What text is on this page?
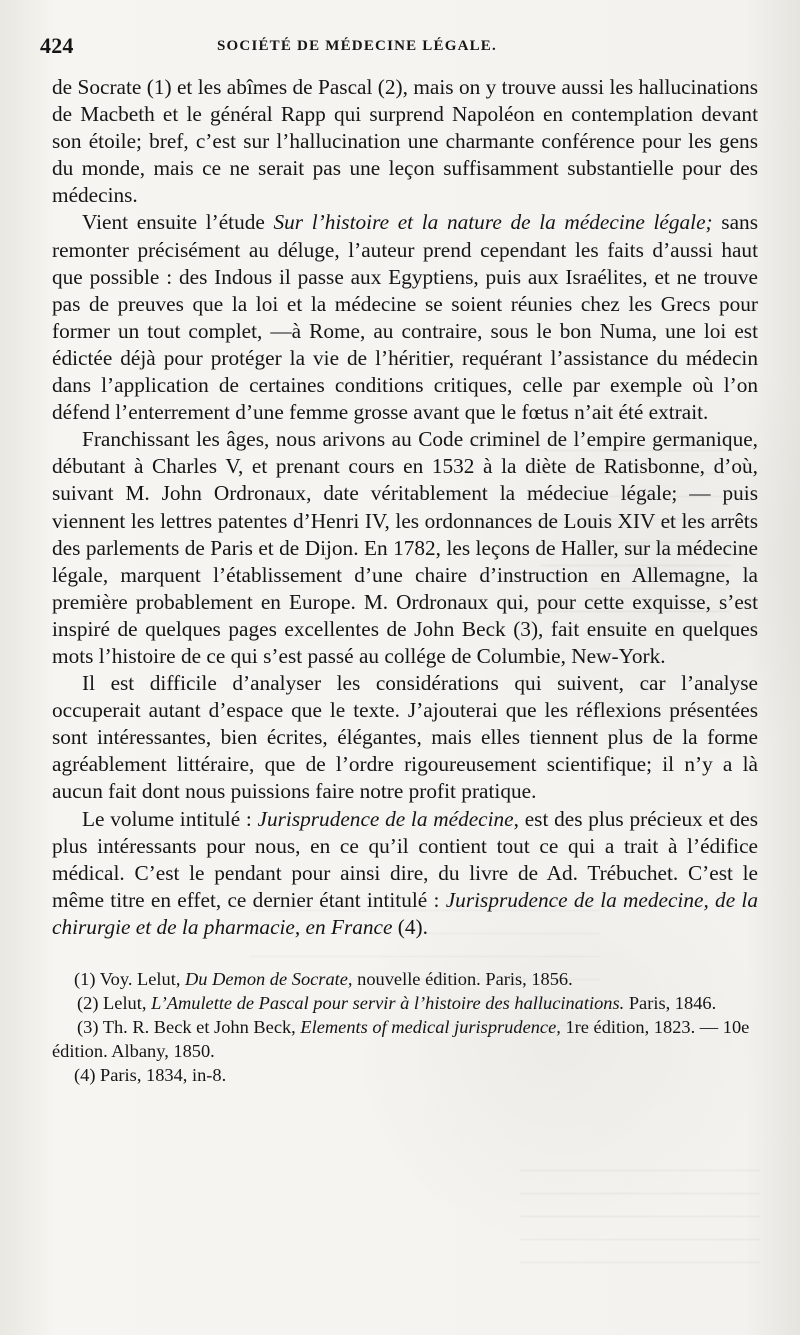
424	SOCIÉTÉ DE MÉDECINE LÉGALE.

de Socrate (1) et les abîmes de Pascal (2), mais on y trouve aussi les hallucinations de Macbeth et le général Rapp qui surprend Napoléon en contemplation devant son étoile; bref, c’est sur l’hallucination une charmante conférence pour les gens du monde, mais ce ne serait pas une leçon suffisamment substantielle pour des médecins.

Vient ensuite l’étude Sur l’histoire et la nature de la médecine légale; sans remonter précisément au déluge, l’auteur prend cependant les faits d’aussi haut que possible : des Indous il passe aux Egyptiens, puis aux Israélites, et ne trouve pas de preuves que la loi et la médecine se soient réunies chez les Grecs pour former un tout complet, —à Rome, au contraire, sous le bon Numa, une loi est édictée déjà pour protéger la vie de l’héritier, requérant l’assistance du médecin dans l’application de certaines conditions critiques, celle par exemple où l’on défend l’enterrement d’une femme grosse avant que le fœtus n’ait été extrait.

Franchissant les âges, nous arivons au Code criminel de l’empire germanique, débutant à Charles V, et prenant cours en 1532 à la diète de Ratisbonne, d’où, suivant M. John Ordronaux, date véritablement la médeciue légale; — puis viennent les lettres patentes d’Henri IV, les ordonnances de Louis XIV et les arrêts des parlements de Paris et de Dijon. En 1782, les leçons de Haller, sur la médecine légale, marquent l’établissement d’une chaire d’instruction en Allemagne, la première probablement en Europe. M. Ordronaux qui, pour cette exquisse, s’est inspiré de quelques pages excellentes de John Beck (3), fait ensuite en quelques mots l’histoire de ce qui s’est passé au collége de Columbie, New-York.

Il est difficile d’analyser les considérations qui suivent, car l’analyse occuperait autant d’espace que le texte. J’ajouterai que les réflexions présentées sont intéressantes, bien écrites, élégantes, mais elles tiennent plus de la forme agréablement littéraire, que de l’ordre rigoureusement scientifique; il n’y a là aucun fait dont nous puissions faire notre profit pratique.

Le volume intitulé : Jurisprudence de la médecine, est des plus précieux et des plus intéressants pour nous, en ce qu’il contient tout ce qui a trait à l’édifice médical. C’est le pendant pour ainsi dire, du livre de Ad. Trébuchet. C’est le même titre en effet, ce dernier étant intitulé : Jurisprudence de la medecine, de la chirurgie et de la pharmacie, en France (4).

(1) Voy. Lelut, Du Demon de Socrate, nouvelle édition. Paris, 1856.

(2) Lelut, L’Amulette de Pascal pour servir à l’histoire des hallucinations. Paris, 1846.

(3) Th. R. Beck et John Beck, Elements of medical jurisprudence, 1re édition, 1823. — 10e édition. Albany, 1850.

(4) Paris, 1834, in-8.
